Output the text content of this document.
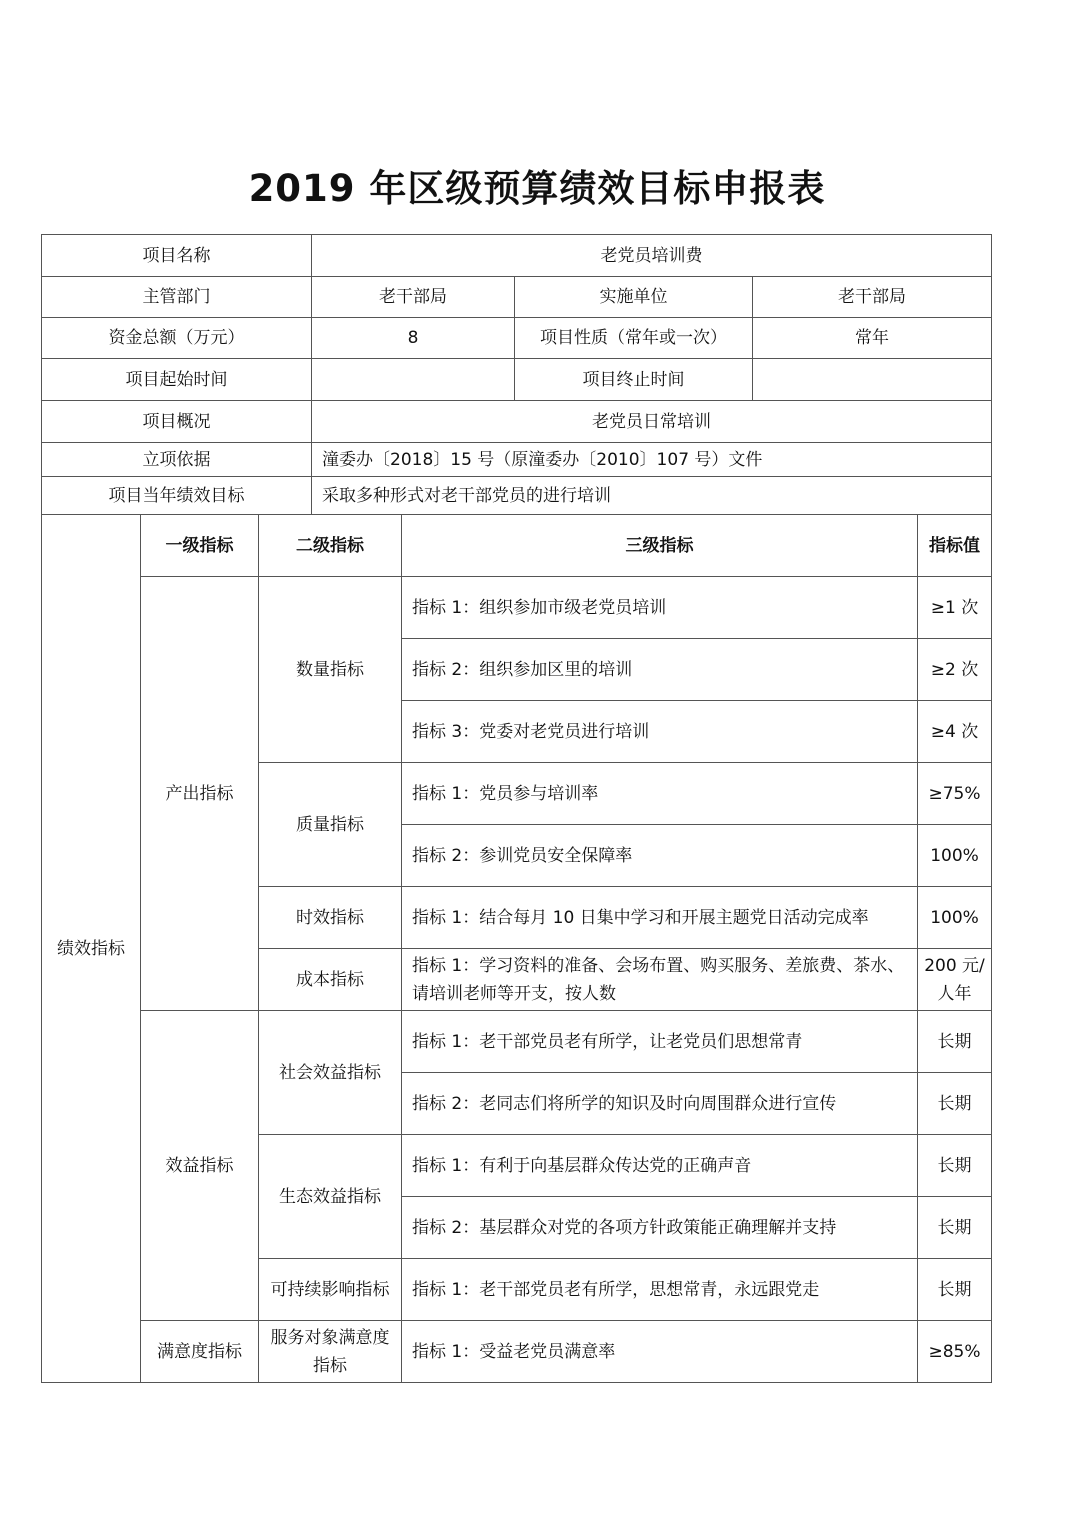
2019 年区级预算绩效目标申报表
项目名称	老党员培训费		
主管部门	老干部局	实施单位	老干部局
资金总额（万元）	8	项目性质（常年或一次）	常年
项目起始时间		项目终止时间	
项目概况	老党员日常培训		
立项依据	潼委办〔2018〕15 号（原潼委办〔2010〕107 号）文件		
项目当年绩效目标	采取多种形式对老干部党员的进行培训		
绩效指标	一级指标	二级指标	三级指标	指标值
	产出指标	数量指标	指标 1：组织参加市级老党员培训	≥1 次
			指标 2：组织参加区里的培训	≥2 次
			指标 3：党委对老党员进行培训	≥4 次
		质量指标	指标 1：党员参与培训率	≥75%
			指标 2：参训党员安全保障率	100%
		时效指标	指标 1：结合每月 10 日集中学习和开展主题党日活动完成率	100%
		成本指标	指标 1：学习资料的准备、会场布置、购买服务、差旅费、茶水、请培训老师等开支，按人数	200 元/人年
	效益指标	社会效益指标	指标 1：老干部党员老有所学，让老党员们思想常青	长期
			指标 2：老同志们将所学的知识及时向周围群众进行宣传	长期
		生态效益指标	指标 1：有利于向基层群众传达党的正确声音	长期
			指标 2：基层群众对党的各项方针政策能正确理解并支持	长期
		可持续影响指标	指标 1：老干部党员老有所学，思想常青，永远跟党走	长期
	满意度指标	服务对象满意度指标	指标 1：受益老党员满意率	≥85%
